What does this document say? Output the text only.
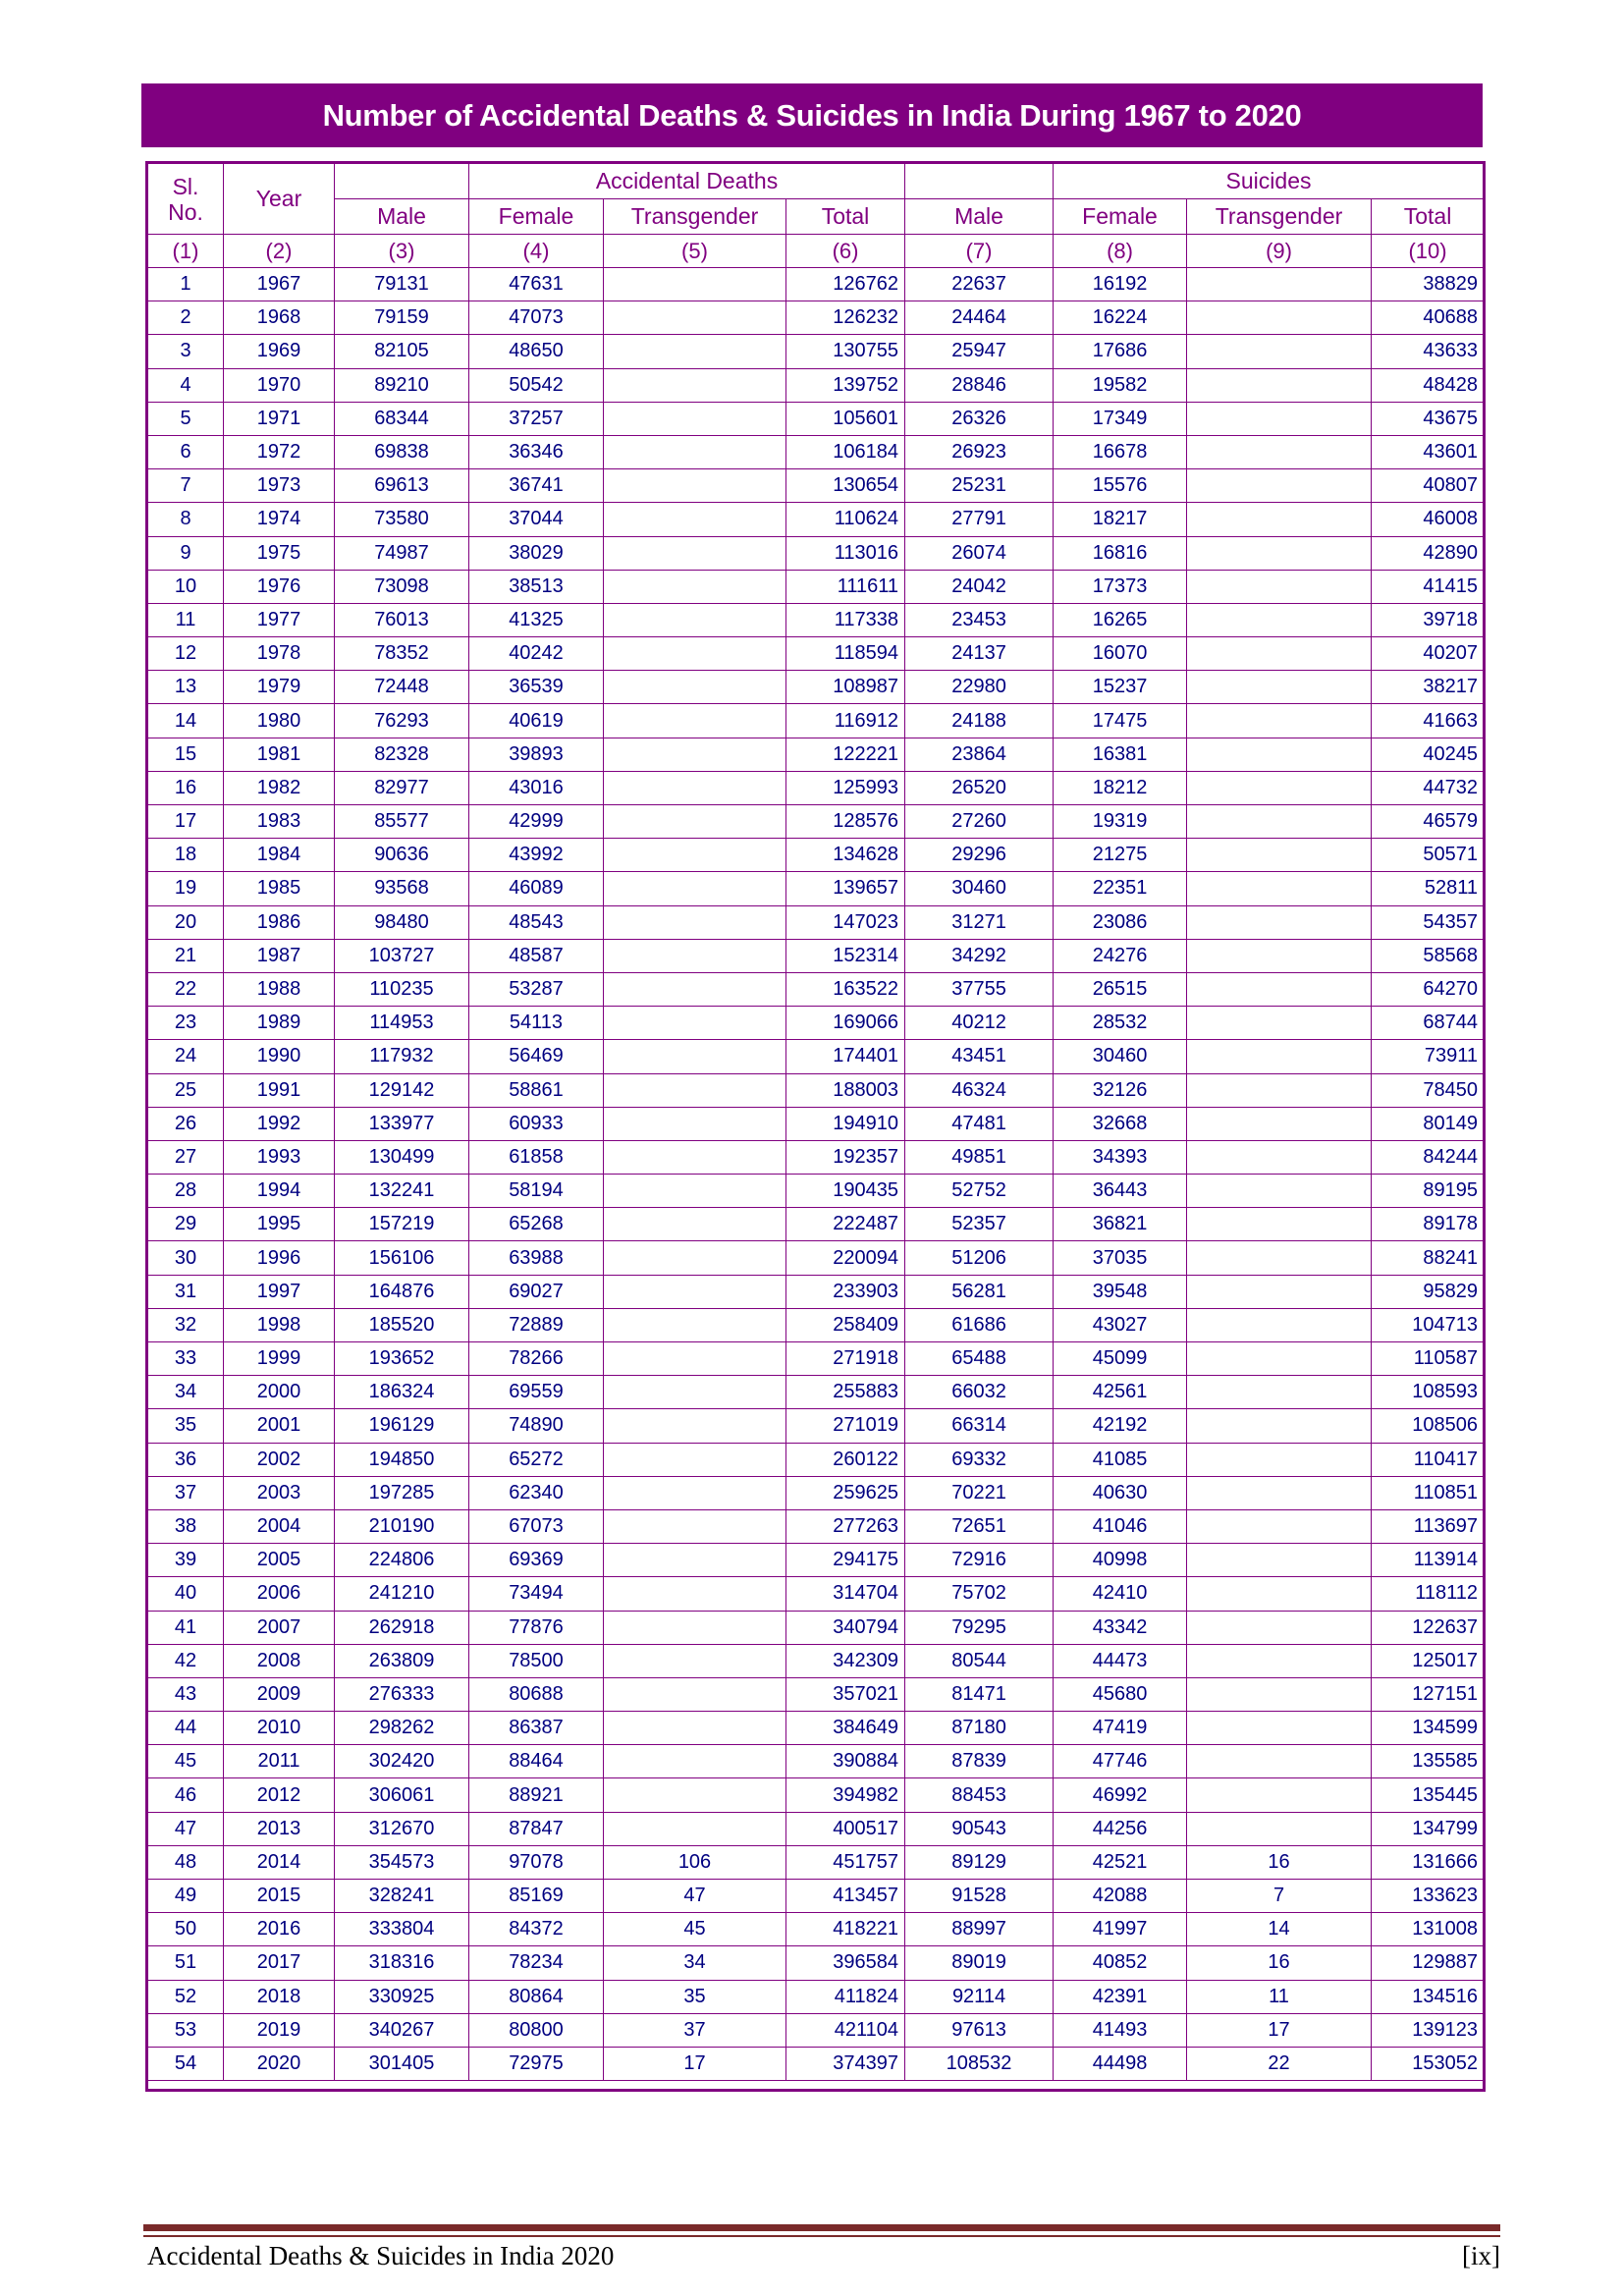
Number of Accidental Deaths & Suicides in India During 1967 to 2020
Sl. No.	Year		Accidental Deaths				Suicides		
		Male	Female	Transgender	Total	Male	Female	Transgender	Total
(1)	(2)	(3)	(4)	(5)	(6)	(7)	(8)	(9)	(10)
1	1967	79131	47631		126762	22637	16192		38829
2	1968	79159	47073		126232	24464	16224		40688
3	1969	82105	48650		130755	25947	17686		43633
4	1970	89210	50542		139752	28846	19582		48428
5	1971	68344	37257		105601	26326	17349		43675
6	1972	69838	36346		106184	26923	16678		43601
7	1973	69613	36741		130654	25231	15576		40807
8	1974	73580	37044		110624	27791	18217		46008
9	1975	74987	38029		113016	26074	16816		42890
10	1976	73098	38513		111611	24042	17373		41415
11	1977	76013	41325		117338	23453	16265		39718
12	1978	78352	40242		118594	24137	16070		40207
13	1979	72448	36539		108987	22980	15237		38217
14	1980	76293	40619		116912	24188	17475		41663
15	1981	82328	39893		122221	23864	16381		40245
16	1982	82977	43016		125993	26520	18212		44732
17	1983	85577	42999		128576	27260	19319		46579
18	1984	90636	43992		134628	29296	21275		50571
19	1985	93568	46089		139657	30460	22351		52811
20	1986	98480	48543		147023	31271	23086		54357
21	1987	103727	48587		152314	34292	24276		58568
22	1988	110235	53287		163522	37755	26515		64270
23	1989	114953	54113		169066	40212	28532		68744
24	1990	117932	56469		174401	43451	30460		73911
25	1991	129142	58861		188003	46324	32126		78450
26	1992	133977	60933		194910	47481	32668		80149
27	1993	130499	61858		192357	49851	34393		84244
28	1994	132241	58194		190435	52752	36443		89195
29	1995	157219	65268		222487	52357	36821		89178
30	1996	156106	63988		220094	51206	37035		88241
31	1997	164876	69027		233903	56281	39548		95829
32	1998	185520	72889		258409	61686	43027		104713
33	1999	193652	78266		271918	65488	45099		110587
34	2000	186324	69559		255883	66032	42561		108593
35	2001	196129	74890		271019	66314	42192		108506
36	2002	194850	65272		260122	69332	41085		110417
37	2003	197285	62340		259625	70221	40630		110851
38	2004	210190	67073		277263	72651	41046		113697
39	2005	224806	69369		294175	72916	40998		113914
40	2006	241210	73494		314704	75702	42410		118112
41	2007	262918	77876		340794	79295	43342		122637
42	2008	263809	78500		342309	80544	44473		125017
43	2009	276333	80688		357021	81471	45680		127151
44	2010	298262	86387		384649	87180	47419		134599
45	2011	302420	88464		390884	87839	47746		135585
46	2012	306061	88921		394982	88453	46992		135445
47	2013	312670	87847		400517	90543	44256		134799
48	2014	354573	97078	106	451757	89129	42521	16	131666
49	2015	328241	85169	47	413457	91528	42088	7	133623
50	2016	333804	84372	45	418221	88997	41997	14	131008
51	2017	318316	78234	34	396584	89019	40852	16	129887
52	2018	330925	80864	35	411824	92114	42391	11	134516
53	2019	340267	80800	37	421104	97613	41493	17	139123
54	2020	301405	72975	17	374397	108532	44498	22	153052
Accidental Deaths & Suicides in India 2020	[ix]
